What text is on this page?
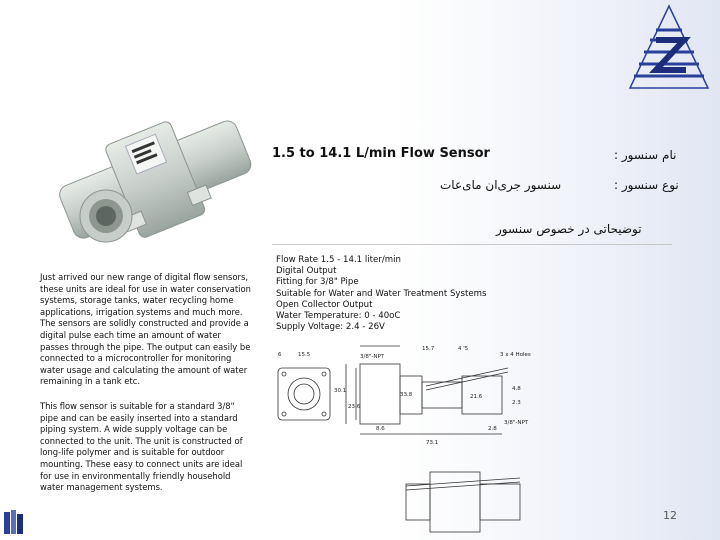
1.5 to 14.1 L/min Flow Sensor	نام سنسور :
نوع سنسور :
سنسور جری‌ان مای‌عات
توضیحاتی در خصوص سنسور
Flow Rate 1.5 - 14.1 liter/min
Digital Output
Fitting for 3/8" Pipe
Suitable for Water and Water Treatment Systems
Open Collector Output
Water Temperature: 0 - 40oC
Supply Voltage: 2.4 - 26V
6	15.5	3/8"-NPT
15.7	4 '5
3 x 4 Holes
30.1
23.6
33.8	21.6
4.8
2.3
8.6	2.8
73.1
3/8"-NPT

Just arrived our new range of digital flow sensors, these units are ideal for use in water conservation systems, storage tanks, water recycling home applications, irrigation systems and much more. The sensors are solidly constructed and provide a digital pulse each time an amount of water passes through the pipe. The output can easily be connected to a microcontroller for monitoring water usage and calculating the amount of water remaining in a tank etc.

This flow sensor is suitable for a standard 3/8" pipe and can be easily inserted into a standard piping system. A wide supply voltage can be connected to the unit. The unit is constructed of long-life polymer and is suitable for outdoor mounting. These easy to connect units are ideal for use in environmentally friendly household water management systems.

12
